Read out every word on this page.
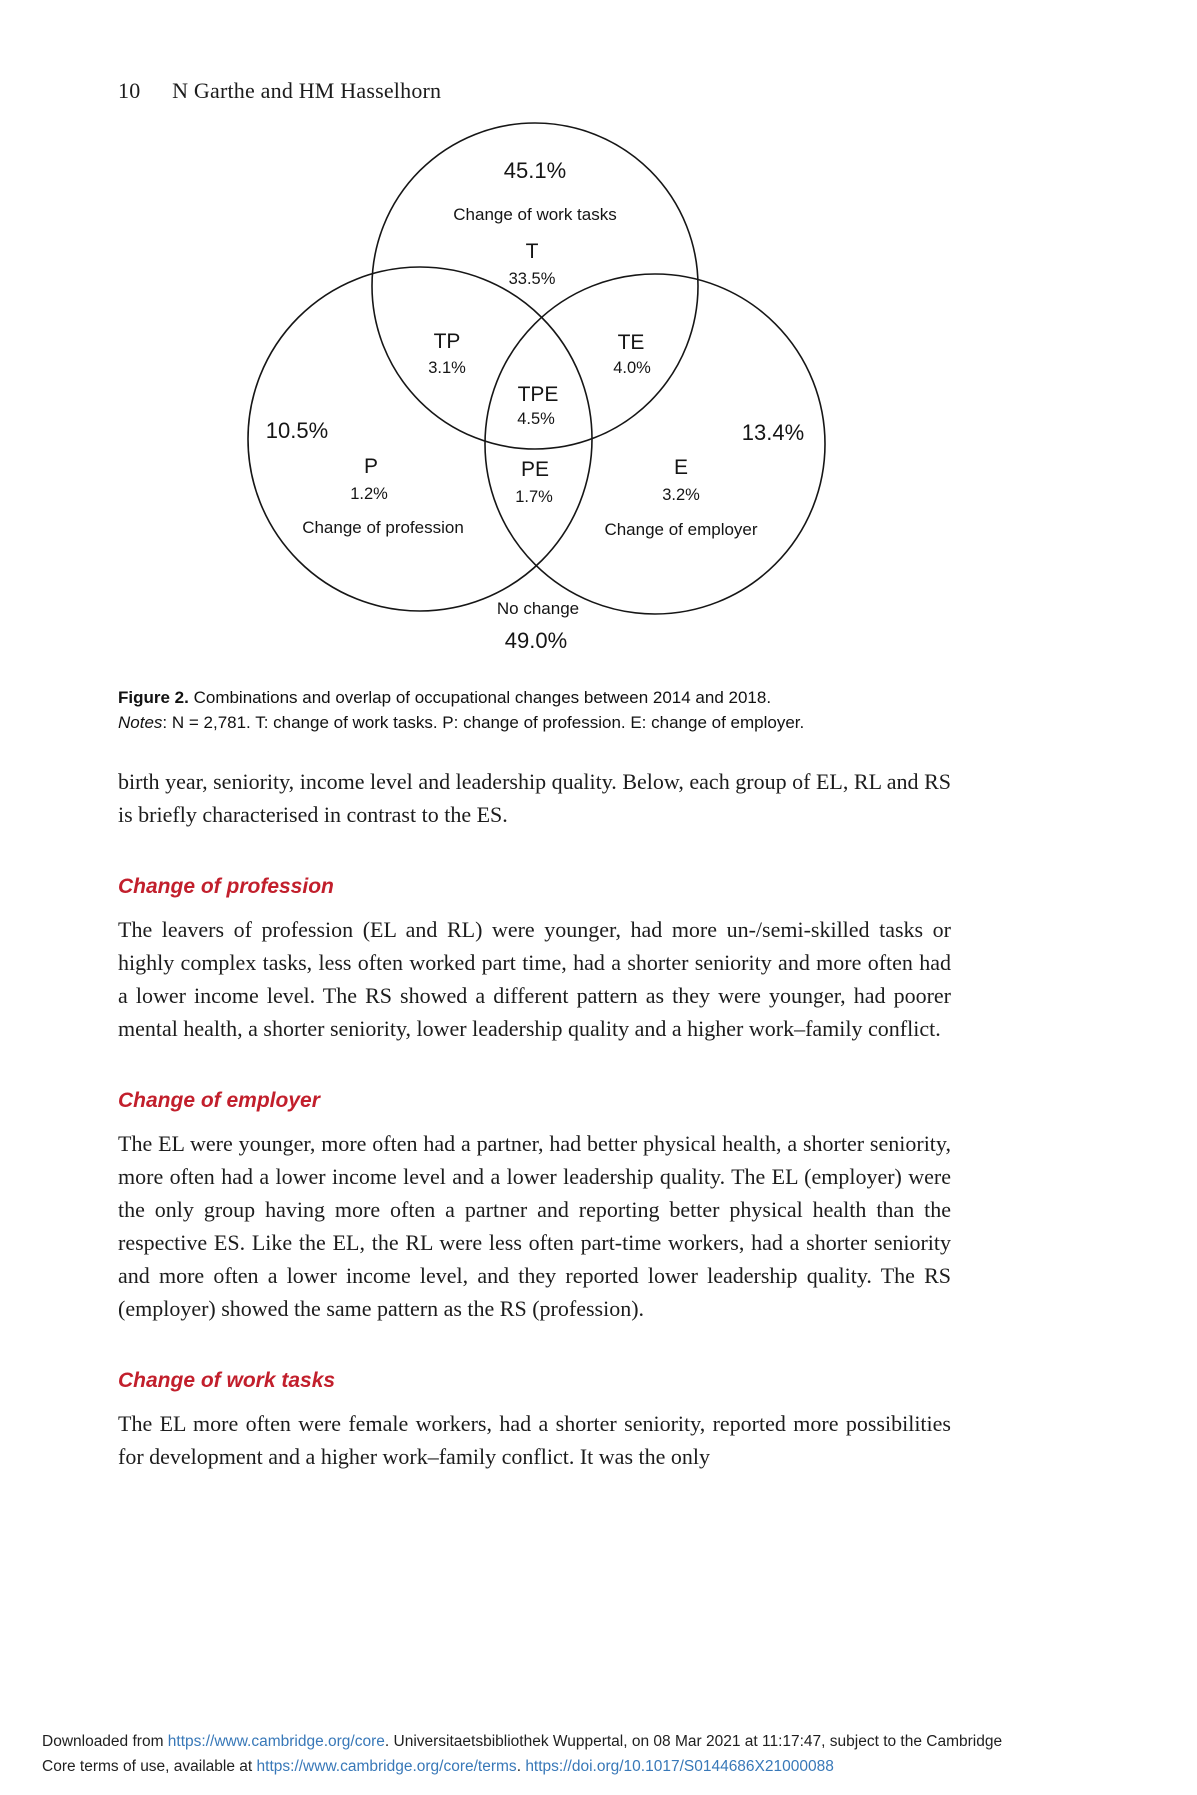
10 N Garthe and HM Hasselhorn
45.1%
Change of work tasks
T
33.5%
TP
3.1%
TE
4.0%
TPE
4.5%
10.5%	13.4%
P
1.2%
PE
1.7%
E
3.2%
Change of profession	Change of employer
No change
49.0%
Figure 2. Combinations and overlap of occupational changes between 2014 and 2018.
Notes: N = 2,781. T: change of work tasks. P: change of profession. E: change of employer.

birth year, seniority, income level and leadership quality. Below, each group of EL, RL and RS is briefly characterised in contrast to the ES.

Change of profession

The leavers of profession (EL and RL) were younger, had more un-/semi-skilled tasks or highly complex tasks, less often worked part time, had a shorter seniority and more often had a lower income level. The RS showed a different pattern as they were younger, had poorer mental health, a shorter seniority, lower leadership quality and a higher work–family conflict.

Change of employer

The EL were younger, more often had a partner, had better physical health, a shorter seniority, more often had a lower income level and a lower leadership quality. The EL (employer) were the only group having more often a partner and reporting better physical health than the respective ES. Like the EL, the RL were less often part-time workers, had a shorter seniority and more often a lower income level, and they reported lower leadership quality. The RS (employer) showed the same pattern as the RS (profession).

Change of work tasks

The EL more often were female workers, had a shorter seniority, reported more possibilities for development and a higher work–family conflict. It was the only

Downloaded from https://www.cambridge.org/core. Universitaetsbibliothek Wuppertal, on 08 Mar 2021 at 11:17:47, subject to the Cambridge
Core terms of use, available at https://www.cambridge.org/core/terms. https://doi.org/10.1017/S0144686X21000088
